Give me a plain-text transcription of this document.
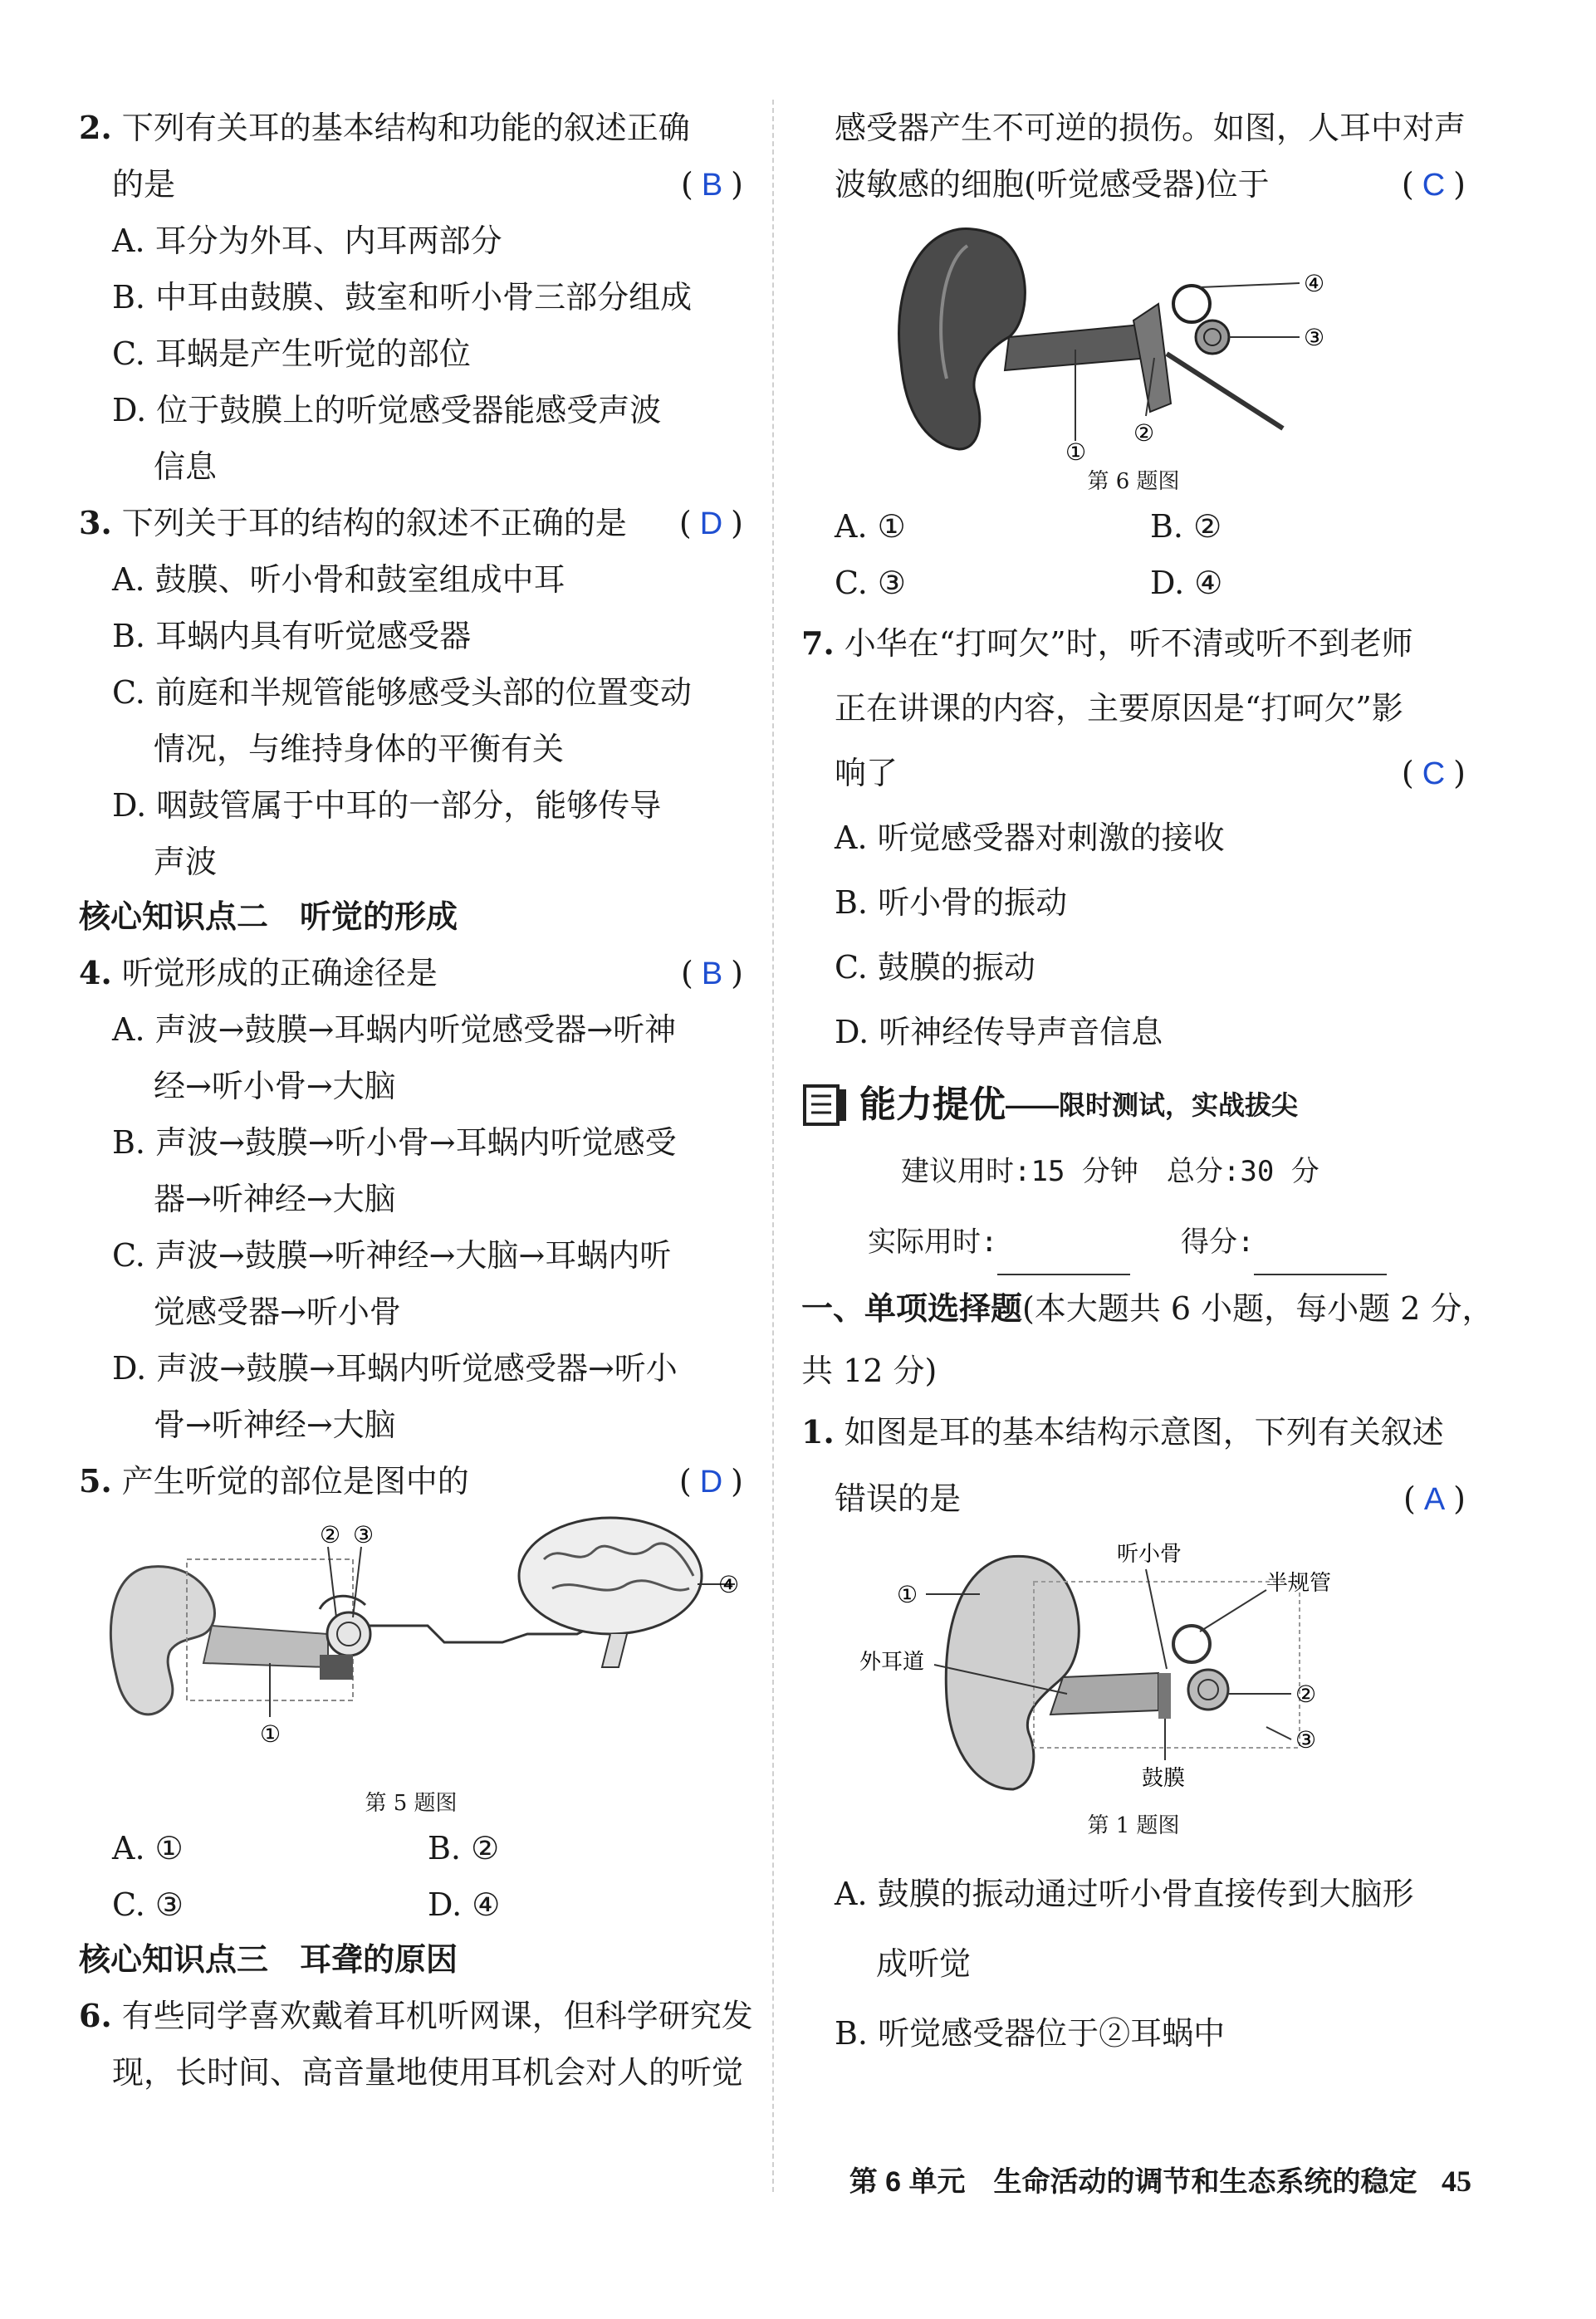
2. 下列有关耳的基本结构和功能的叙述正确
的是	( B )
A. 耳分为外耳、内耳两部分
B. 中耳由鼓膜、鼓室和听小骨三部分组成
C. 耳蜗是产生听觉的部位
D. 位于鼓膜上的听觉感受器能感受声波
信息
3. 下列关于耳的结构的叙述不正确的是 ( D )
A. 鼓膜、听小骨和鼓室组成中耳
B. 耳蜗内具有听觉感受器
C. 前庭和半规管能够感受头部的位置变动
情况，与维持身体的平衡有关
D. 咽鼓管属于中耳的一部分，能够传导
声波
核心知识点二　听觉的形成
4. 听觉形成的正确途径是	( B )
A. 声波→鼓膜→耳蜗内听觉感受器→听神
经→听小骨→大脑
B. 声波→鼓膜→听小骨→耳蜗内听觉感受
器→听神经→大脑
C. 声波→鼓膜→听神经→大脑→耳蜗内听
觉感受器→听小骨
D. 声波→鼓膜→耳蜗内听觉感受器→听小
骨→听神经→大脑
5. 产生听觉的部位是图中的	( D )
② ③
①
④
第 5 题图
A. ①	B. ②
C. ③	D. ④
核心知识点三　耳聋的原因
6. 有些同学喜欢戴着耳机听网课，但科学研究发
现，长时间、高音量地使用耳机会对人的听觉
感受器产生不可逆的损伤。如图，人耳中对声
波敏感的细胞(听觉感受器)位于	( C )
④
③
②
①
第 6 题图
A. ①	B. ②
C. ③	D. ④
7. 小华在“打呵欠”时，听不清或听不到老师
正在讲课的内容，主要原因是“打呵欠”影
响了	( C )
A. 听觉感受器对刺激的接收
B. 听小骨的振动
C. 鼓膜的振动
D. 听神经传导声音信息
能力提优 ——限时测试，实战拔尖
建议用时:15 分钟　总分:30 分
实际用时:	得分:
一、单项选择题(本大题共 6 小题，每小题 2 分，
共 12 分)
1. 如图是耳的基本结构示意图，下列有关叙述
错误的是	( A )
听小骨
半规管
①
外耳道
②
③
鼓膜
第 1 题图
A. 鼓膜的振动通过听小骨直接传到大脑形
成听觉
B. 听觉感受器位于②耳蜗中
第 6 单元　生命活动的调节和生态系统的稳定 45
